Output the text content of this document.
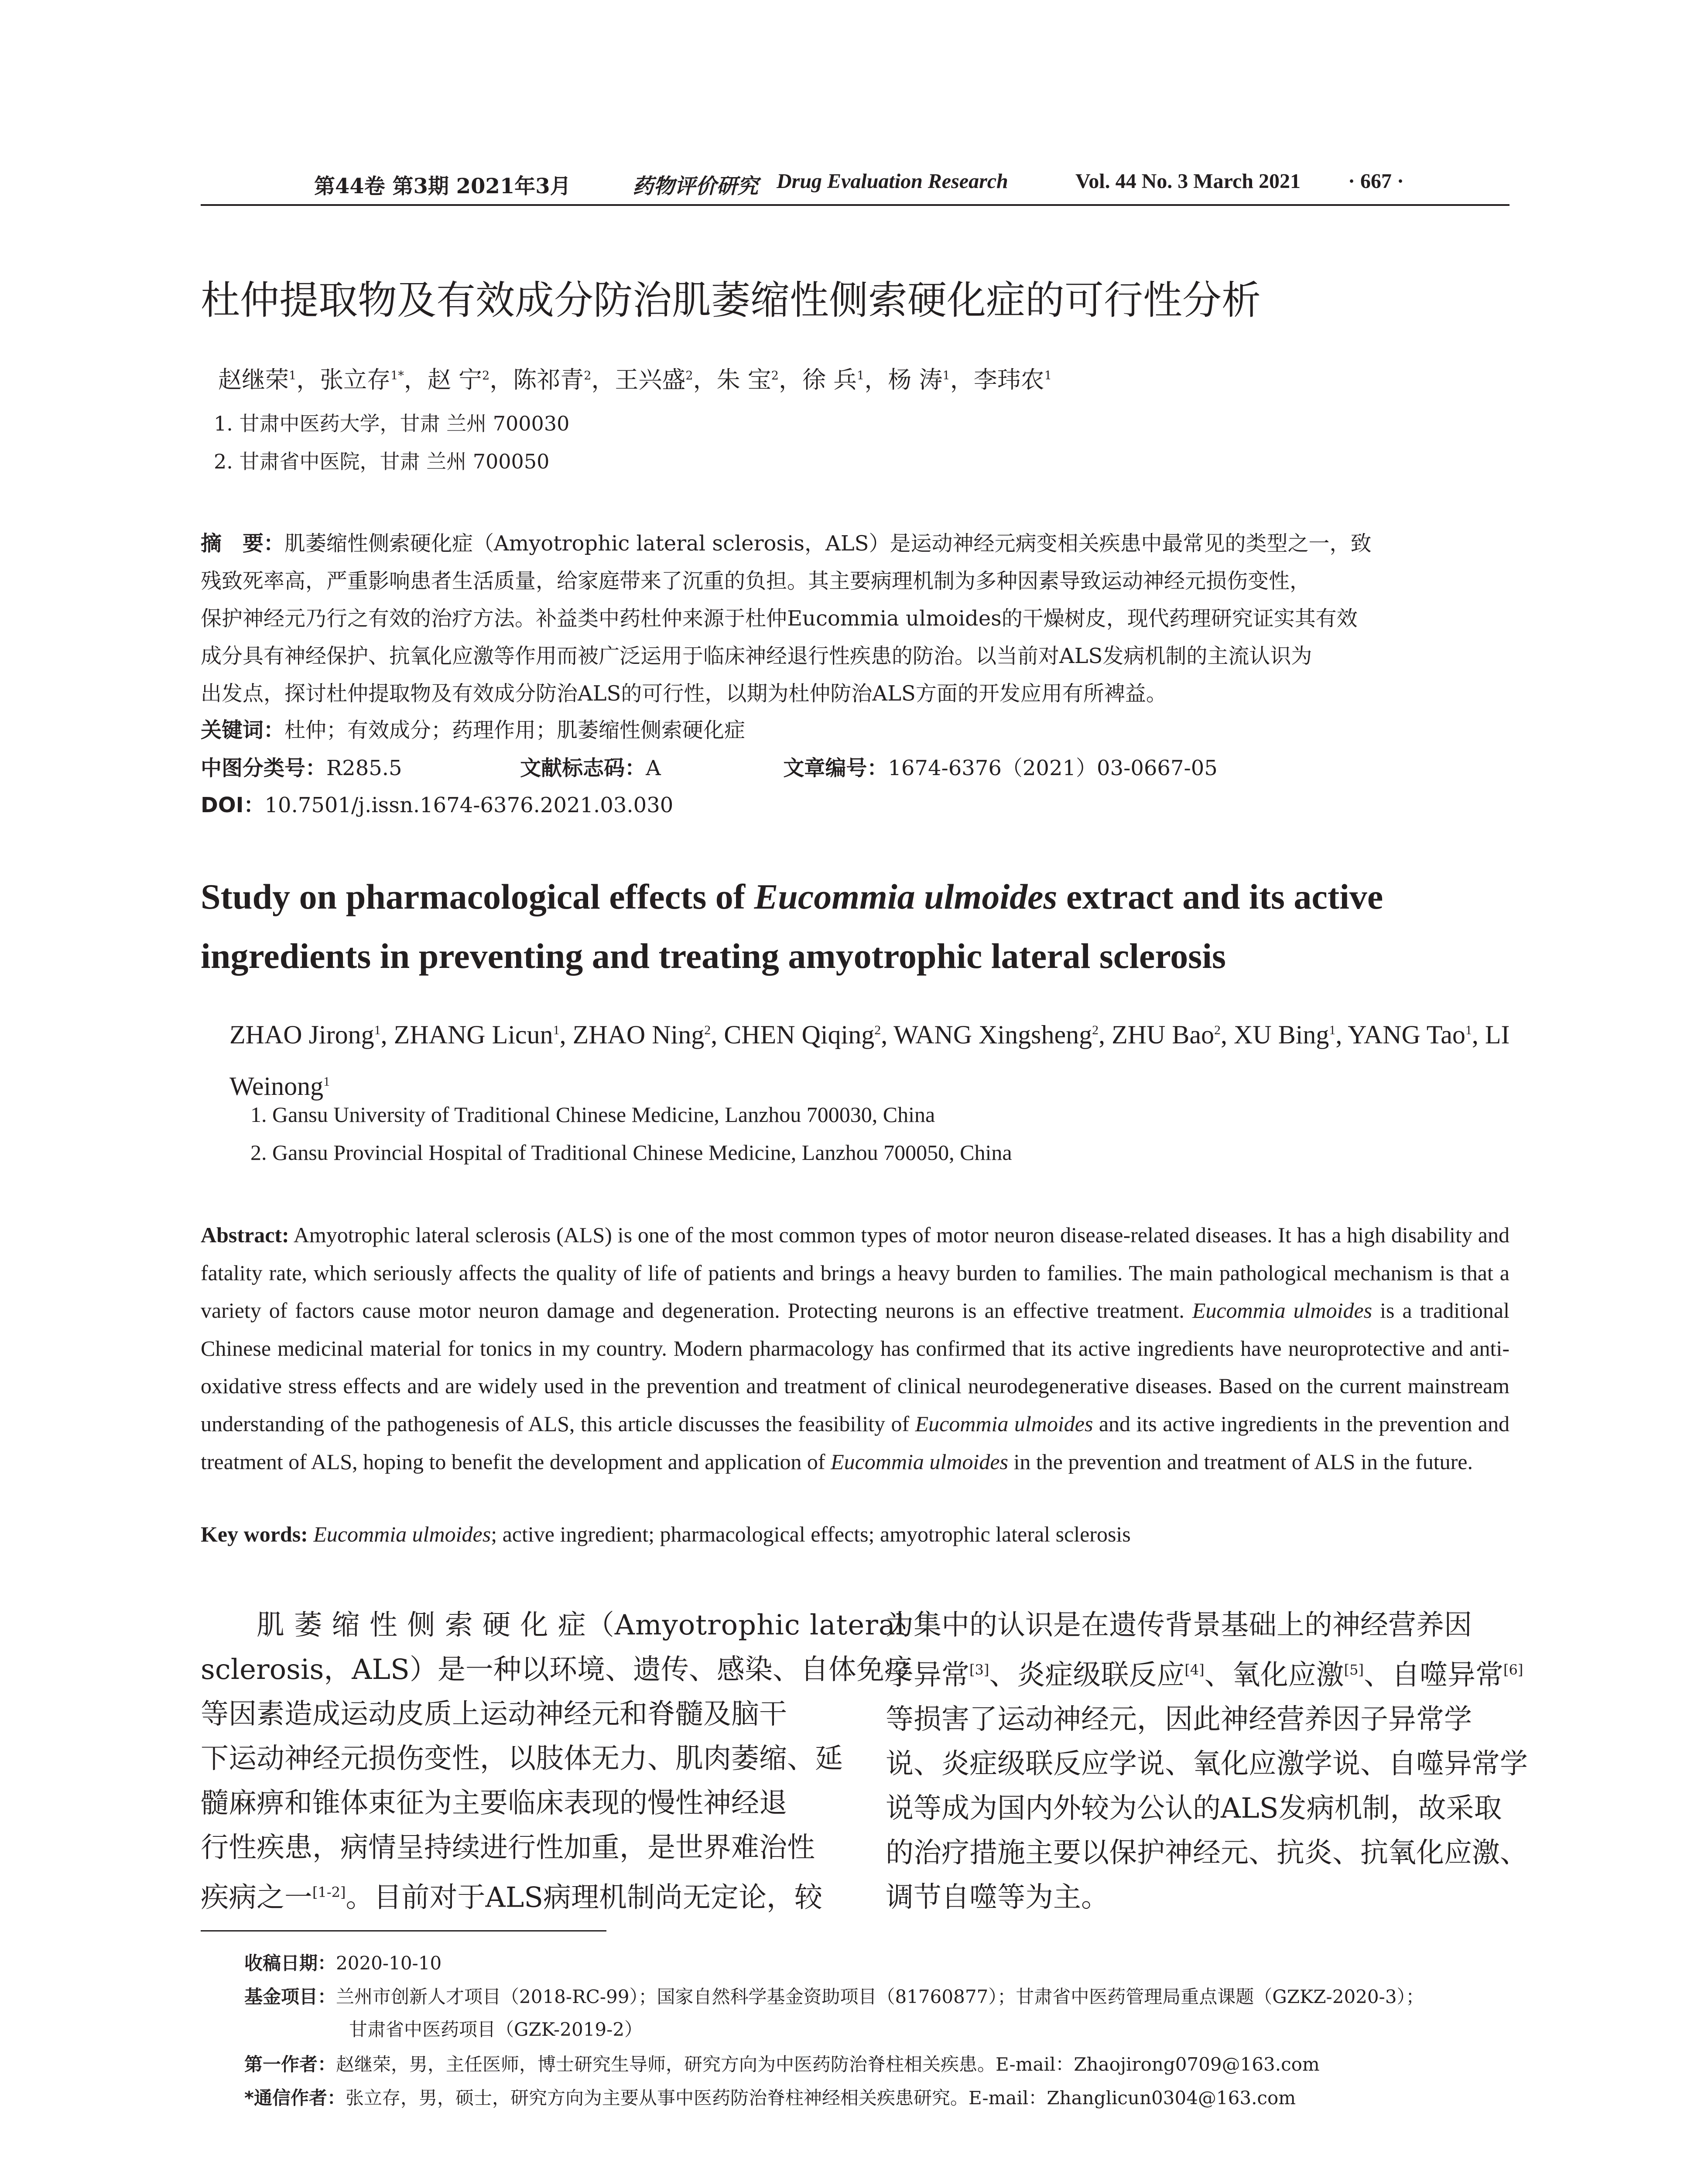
第44卷 第3期 2021年3月	药物评价研究 Drug Evaluation Research	Vol. 44 No. 3 March 2021 · 667 ·
杜仲提取物及有效成分防治肌萎缩性侧索硬化症的可行性分析
赵继荣$^1$，张立存$^{1*}$，赵 宁$^2$，陈祁青$^2$，王兴盛$^2$，朱 宝$^2$，徐 兵$^1$，杨 涛$^1$，李玮农$^1$
1. 甘肃中医药大学，甘肃 兰州 700030
2. 甘肃省中医院，甘肃 兰州 700050
摘　要：肌萎缩性侧索硬化症（Amyotrophic lateral sclerosis，ALS）是运动神经元病变相关疾患中最常见的类型之一，致
残致死率高，严重影响患者生活质量，给家庭带来了沉重的负担。其主要病理机制为多种因素导致运动神经元损伤变性，
保护神经元乃行之有效的治疗方法。补益类中药杜仲来源于杜仲Eucommia ulmoides的干燥树皮，现代药理研究证实其有效
成分具有神经保护、抗氧化应激等作用而被广泛运用于临床神经退行性疾患的防治。以当前对ALS发病机制的主流认识为
出发点，探讨杜仲提取物及有效成分防治ALS的可行性，以期为杜仲防治ALS方面的开发应用有所裨益。
关键词：杜仲；有效成分；药理作用；肌萎缩性侧索硬化症
中图分类号：R285.5	文献标志码：A	文章编号：1674-6376（2021）03-0667-05
DOI：10.7501/j.issn.1674-6376.2021.03.030
Study on pharmacological effects of Eucommia ulmoides extract and its active ingredients in preventing and treating amyotrophic lateral sclerosis
ZHAO Jirong$^1$, ZHANG Licun$^1$, ZHAO Ning$^2$, CHEN Qiqing$^2$, WANG Xingsheng$^2$, ZHU Bao$^2$, XU Bing$^1$, YANG Tao$^1$, LI Weinong$^1$
1. Gansu University of Traditional Chinese Medicine, Lanzhou 700030, China
2. Gansu Provincial Hospital of Traditional Chinese Medicine, Lanzhou 700050, China
Abstract: Amyotrophic lateral sclerosis (ALS) is one of the most common types of motor neuron disease-related diseases. It has a high disability and fatality rate, which seriously affects the quality of life of patients and brings a heavy burden to families. The main pathological mechanism is that a variety of factors cause motor neuron damage and degeneration. Protecting neurons is an effective treatment. Eucommia ulmoides is a traditional Chinese medicinal material for tonics in my country. Modern pharmacology has confirmed that its active ingredients have neuroprotective and anti-oxidative stress effects and are widely used in the prevention and treatment of clinical neurodegenerative diseases. Based on the current mainstream understanding of the pathogenesis of ALS, this article discusses the feasibility of Eucommia ulmoides and its active ingredients in the prevention and treatment of ALS, hoping to benefit the development and application of Eucommia ulmoides in the prevention and treatment of ALS in the future.
Key words: Eucommia ulmoides; active ingredient; pharmacological effects; amyotrophic lateral sclerosis
肌 萎 缩 性 侧 索 硬 化 症（Amyotrophic lateral
sclerosis，ALS）是一种以环境、遗传、感染、自体免疫
等因素造成运动皮质上运动神经元和脊髓及脑干
下运动神经元损伤变性，以肢体无力、肌肉萎缩、延
髓麻痹和锥体束征为主要临床表现的慢性神经退
行性疾患，病情呈持续进行性加重，是世界难治性
疾病之一[1-2]。目前对于ALS病理机制尚无定论，较
为集中的认识是在遗传背景基础上的神经营养因
子异常[3]、炎症级联反应[4]、氧化应激[5]、自噬异常[6]
等损害了运动神经元，因此神经营养因子异常学
说、炎症级联反应学说、氧化应激学说、自噬异常学
说等成为国内外较为公认的ALS发病机制，故采取
的治疗措施主要以保护神经元、抗炎、抗氧化应激、
调节自噬等为主。
收稿日期：2020-10-10
基金项目：兰州市创新人才项目（2018-RC-99）；国家自然科学基金资助项目（81760877）；甘肃省中医药管理局重点课题（GZKZ-2020-3）；
甘肃省中医药项目（GZK-2019-2）
第一作者：赵继荣，男，主任医师，博士研究生导师，研究方向为中医药防治脊柱相关疾患。E-mail：Zhaojirong0709@163.com
*通信作者：张立存，男，硕士，研究方向为主要从事中医药防治脊柱神经相关疾患研究。E-mail：Zhanglicun0304@163.com
